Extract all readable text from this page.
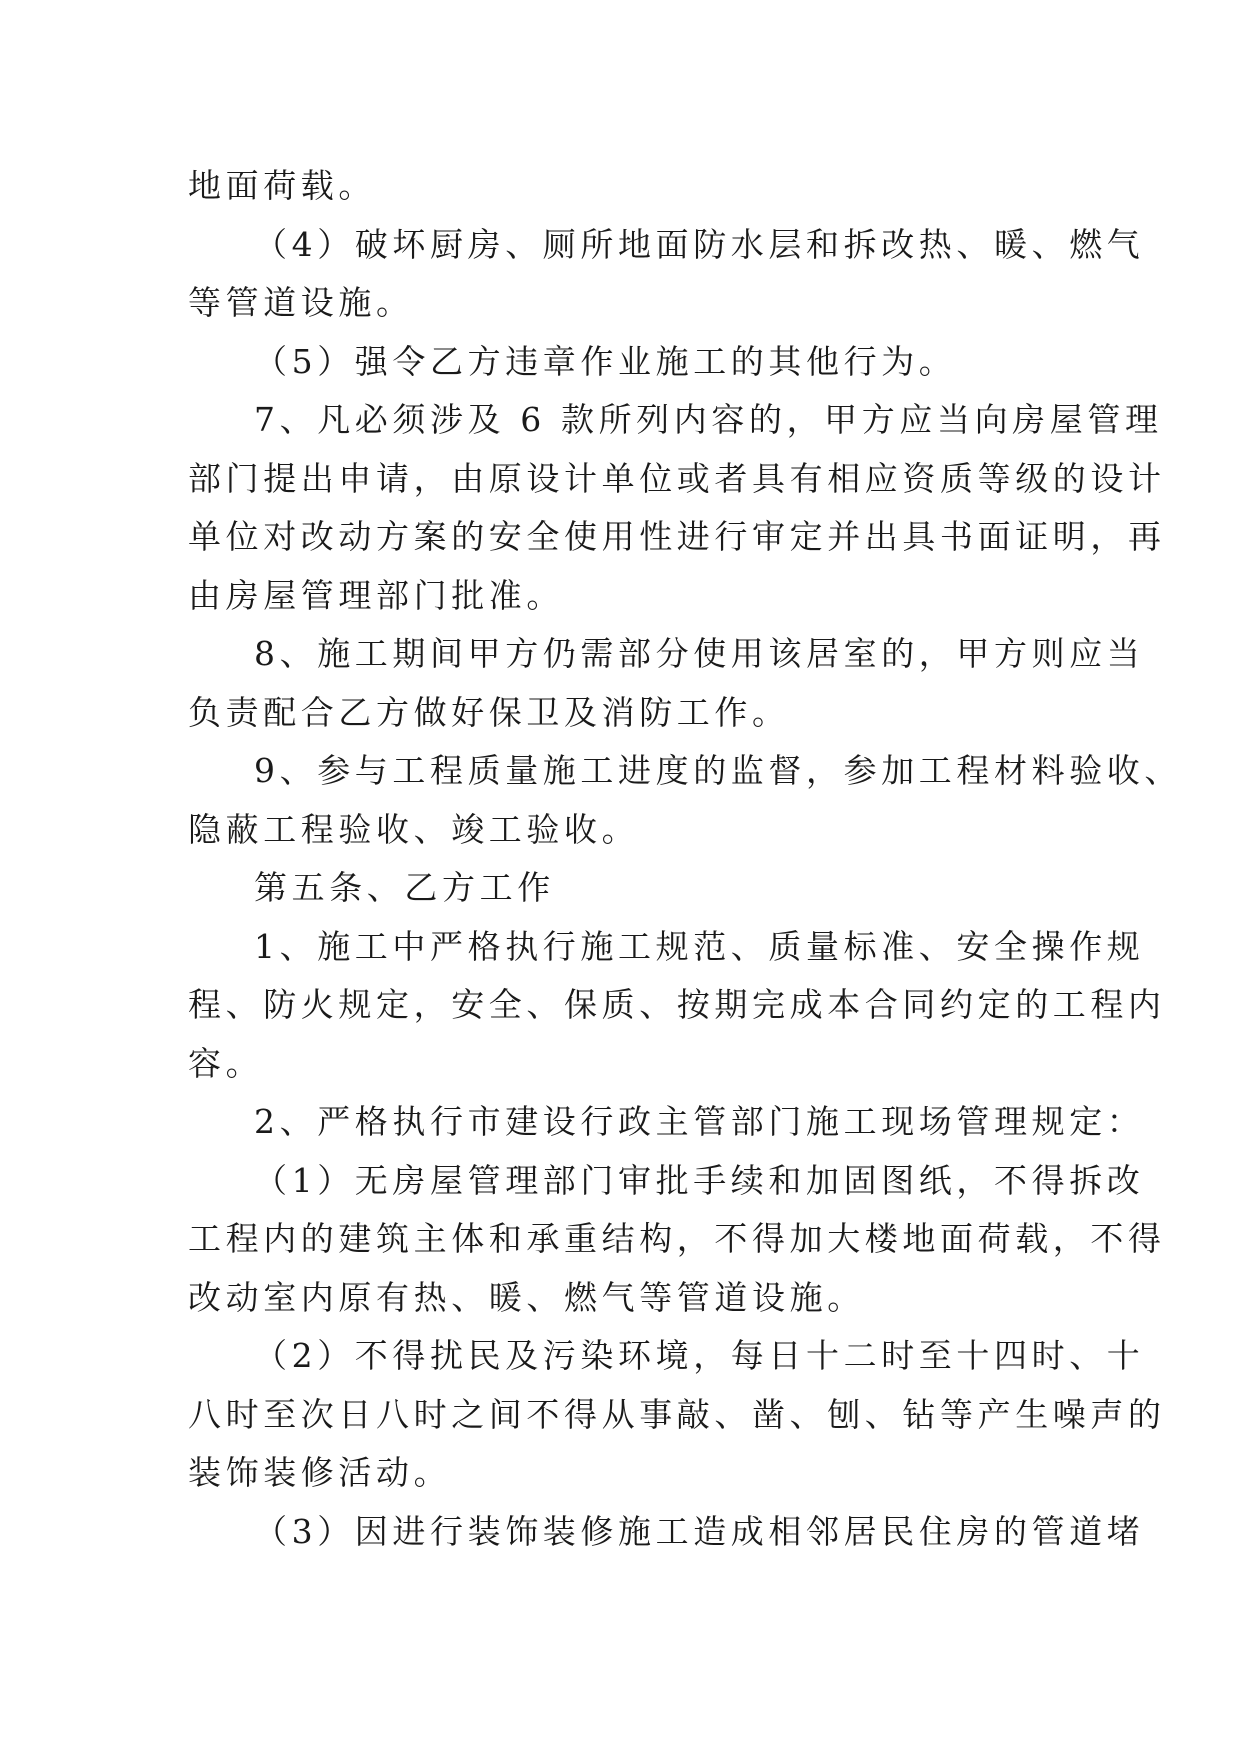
地面荷载。

（4）破坏厨房、厕所地面防水层和拆改热、暖、燃气
等管道设施。

（5）强令乙方违章作业施工的其他行为。

7、凡必须涉及 6 款所列内容的，甲方应当向房屋管理
部门提出申请，由原设计单位或者具有相应资质等级的设计
单位对改动方案的安全使用性进行审定并出具书面证明，再
由房屋管理部门批准。

8、施工期间甲方仍需部分使用该居室的，甲方则应当
负责配合乙方做好保卫及消防工作。

9、参与工程质量施工进度的监督，参加工程材料验收、
隐蔽工程验收、竣工验收。

第五条、乙方工作

1、施工中严格执行施工规范、质量标准、安全操作规
程、防火规定，安全、保质、按期完成本合同约定的工程内
容。

2、严格执行市建设行政主管部门施工现场管理规定：

（1）无房屋管理部门审批手续和加固图纸，不得拆改
工程内的建筑主体和承重结构，不得加大楼地面荷载，不得
改动室内原有热、暖、燃气等管道设施。

（2）不得扰民及污染环境，每日十二时至十四时、十
八时至次日八时之间不得从事敲、凿、刨、钻等产生噪声的
装饰装修活动。

（3）因进行装饰装修施工造成相邻居民住房的管道堵
